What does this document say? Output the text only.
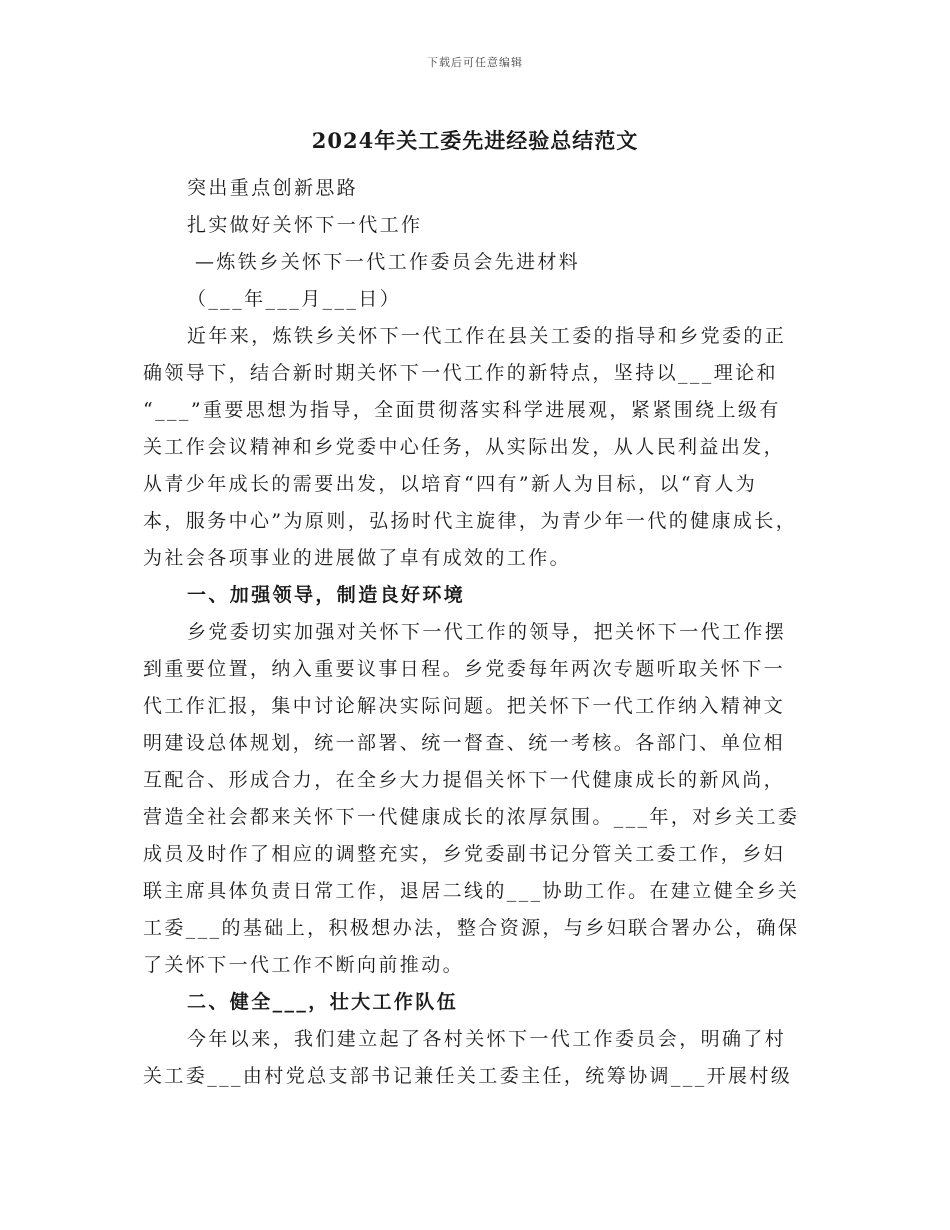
下载后可任意编辑
2024年关工委先进经验总结范文
突出重点创新思路
扎实做好关怀下一代工作
—炼铁乡关怀下一代工作委员会先进材料
（___年___月___日）
近年来，炼铁乡关怀下一代工作在县关工委的指导和乡党委的正
确领导下，结合新时期关怀下一代工作的新特点，坚持以___理论和
“___”重要思想为指导，全面贯彻落实科学进展观，紧紧围绕上级有
关工作会议精神和乡党委中心任务，从实际出发，从人民利益出发，
从青少年成长的需要出发，以培育“四有”新人为目标，以“育人为
本，服务中心”为原则，弘扬时代主旋律，为青少年一代的健康成长，
为社会各项事业的进展做了卓有成效的工作。
一、加强领导，制造良好环境
乡党委切实加强对关怀下一代工作的领导，把关怀下一代工作摆
到重要位置，纳入重要议事日程。乡党委每年两次专题听取关怀下一
代工作汇报，集中讨论解决实际问题。把关怀下一代工作纳入精神文
明建设总体规划，统一部署、统一督查、统一考核。各部门、单位相
互配合、形成合力，在全乡大力提倡关怀下一代健康成长的新风尚，
营造全社会都来关怀下一代健康成长的浓厚氛围。___年，对乡关工委
成员及时作了相应的调整充实，乡党委副书记分管关工委工作，乡妇
联主席具体负责日常工作，退居二线的___协助工作。在建立健全乡关
工委___的基础上，积极想办法，整合资源，与乡妇联合署办公，确保
了关怀下一代工作不断向前推动。
二、健全___，壮大工作队伍
今年以来，我们建立起了各村关怀下一代工作委员会，明确了村
关工委___由村党总支部书记兼任关工委主任，统筹协调___开展村级
